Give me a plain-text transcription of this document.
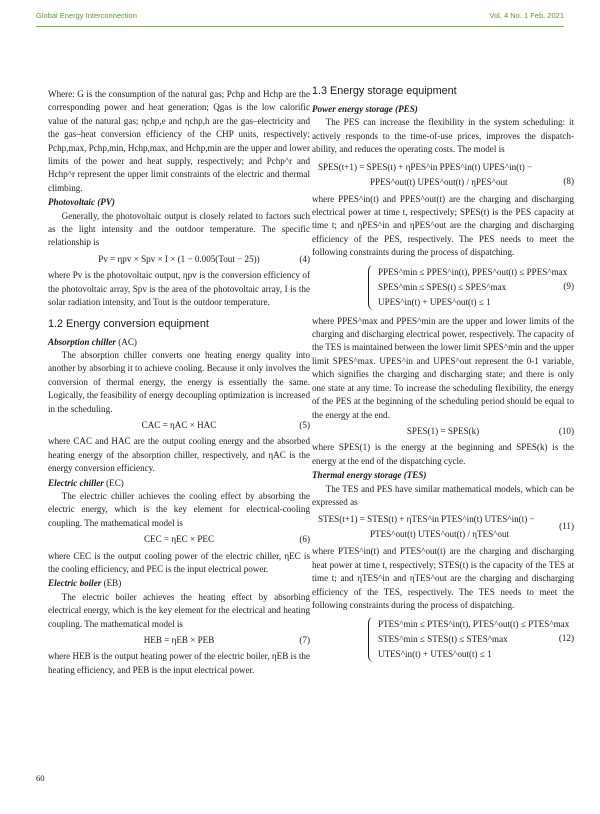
Global Energy Interconnection	Vol. 4 No. 1 Feb. 2021

Where: G is the consumption of the natural gas; Pchp and Hchp are the corresponding power and heat generation; Qgas is the low calorific value of the natural gas; ηchp,e and ηchp,h are the gas–electricity and the gas–heat conversion efficiency of the CHP units, respectively; Pchp,max, Pchp,min, Hchp,max, and Hchp,min are the upper and lower limits of the power and heat supply, respectively; and Pchp^r and Hchp^r represent the upper limit constraints of the electric and thermal climbing.

Photovoltaic (PV)

Generally, the photovoltaic output is closely related to factors such as the light intensity and the outdoor temperature. The specific relationship is

Pv = ηpv × Spv × I × (1 − 0.005(Tout − 25))	(4)

where Pv is the photovoltaic output, ηpv is the conversion efficiency of the photovoltaic array, Spv is the area of the photovoltaic array, I is the solar radiation intensity, and Tout is the outdoor temperature.

1.2 Energy conversion equipment
Absorption chiller (AC)

The absorption chiller converts one heating energy quality into another by absorbing it to achieve cooling. Because it only involves the conversion of thermal energy, the energy is essentially the same. Logically, the feasibility of energy decoupling optimization is increased in the scheduling.

CAC = ηAC × HAC	(5)

where CAC and HAC are the output cooling energy and the absorbed heating energy of the absorption chiller, respectively, and ηAC is the energy conversion efficiency.

Electric chiller (EC)

The electric chiller achieves the cooling effect by absorbing the electric energy, which is the key element for electrical-cooling coupling. The mathematical model is

CEC = ηEC × PEC	(6)

where CEC is the output cooling power of the electric chiller, ηEC is the cooling efficiency, and PEC is the input electrical power.

Electric boiler (EB)

The electric boiler achieves the heating effect by absorbing electrical energy, which is the key element for the electrical and heating coupling. The mathematical model is

HEB = ηEB × PEB	(7)

where HEB is the output heating power of the electric boiler, ηEB is the heating efficiency, and PEB is the input electrical power.

1.3 Energy storage equipment
Power energy storage (PES)

The PES can increase the flexibility in the system scheduling: it actively responds to the time-of-use prices, improves the dispatch-ability, and reduces the operating costs. The model is

SPES(t+1) = SPES(t) + ηPES^in PPES^in(t) UPES^in(t) −
PPES^out(t) UPES^out(t) / ηPES^out	(8)

where PPES^in(t) and PPES^out(t) are the charging and discharging electrical power at time t, respectively; SPES(t) is the PES capacity at time t; and ηPES^in and ηPES^out are the charging and discharging efficiency of the PES, respectively. The PES needs to meet the following constraints during the process of dispatching.

PPES^min ≤ PPES^in(t), PPES^out(t) ≤ PPES^max
SPES^min ≤ SPES(t) ≤ SPES^max
UPES^in(t) + UPES^out(t) ≤ 1
(9)

where PPES^max and PPES^min are the upper and lower limits of the charging and discharging electrical power, respectively. The capacity of the TES is maintained between the lower limit SPES^min and the upper limit SPES^max. UPES^in and UPES^out represent the 0-1 variable, which signifies the charging and discharging state; and there is only one state at any time. To increase the scheduling flexibility, the energy of the PES at the beginning of the scheduling period should be equal to the energy at the end.

SPES(1) = SPES(k)	(10)

where SPES(1) is the energy at the beginning and SPES(k) is the energy at the end of the dispatching cycle.

Thermal energy storage (TES)

The TES and PES have similar mathematical models, which can be expressed as

STES(t+1) = STES(t) + ηTES^in PTES^in(t) UTES^in(t) −
PTES^out(t) UTES^out(t) / ηTES^out
(11)

where PTES^in(t) and PTES^out(t) are the charging and discharging heat power at time t, respectively; STES(t) is the capacity of the TES at time t; and ηTES^in and ηTES^out are the charging and discharging efficiency of the TES, respectively. The TES needs to meet the following constraints during the process of dispatching.

PTES^min ≤ PTES^in(t), PTES^out(t) ≤ PTES^max
STES^min ≤ STES(t) ≤ STES^max
UTES^in(t) + UTES^out(t) ≤ 1
(12)
60
